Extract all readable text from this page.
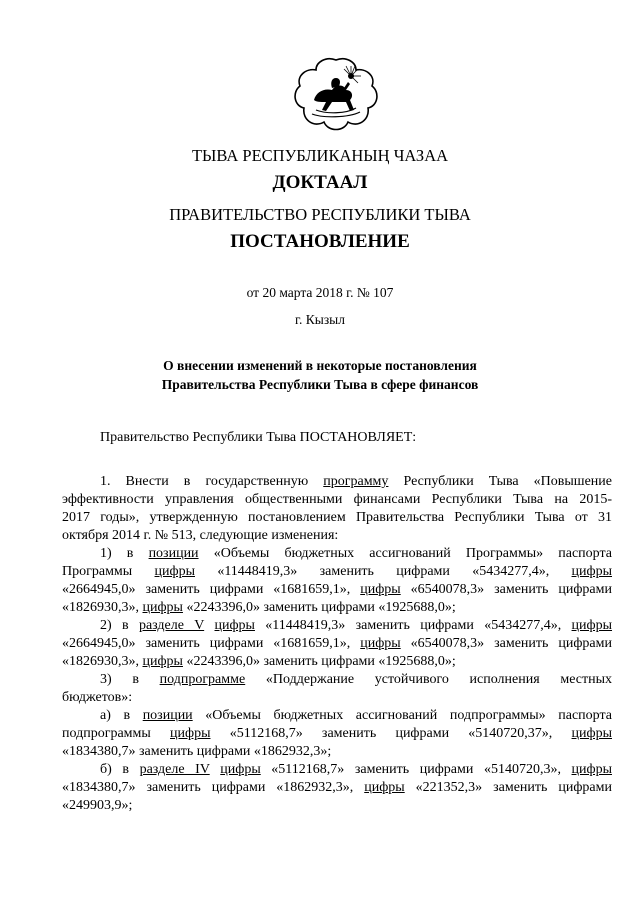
ТЫВА РЕСПУБЛИКАНЫҢ ЧАЗАА
ДОКТААЛ
ПРАВИТЕЛЬСТВО РЕСПУБЛИКИ ТЫВА
ПОСТАНОВЛЕНИЕ
от 20 марта 2018 г. № 107
г. Кызыл
О внесении изменений в некоторые постановления
Правительства Республики Тыва в сфере финансов
Правительство Республики Тыва ПОСТАНОВЛЯЕТ:
1. Внести в государственную программу Республики Тыва «Повышение
эффективности управления общественными финансами Республики Тыва на 2015-
2017 годы», утвержденную постановлением Правительства Республики Тыва от 31
октября 2014 г. № 513, следующие изменения:
1) в позиции «Объемы бюджетных ассигнований Программы» паспорта
Программы цифры «11448419,3» заменить цифрами «5434277,4», цифры
«2664945,0» заменить цифрами «1681659,1», цифры «6540078,3» заменить цифрами
«1826930,3», цифры «2243396,0» заменить цифрами «1925688,0»;
2) в разделе V цифры «11448419,3» заменить цифрами «5434277,4», цифры
«2664945,0» заменить цифрами «1681659,1», цифры «6540078,3» заменить цифрами
«1826930,3», цифры «2243396,0» заменить цифрами «1925688,0»;
3) в подпрограмме «Поддержание устойчивого исполнения местных
бюджетов»:
а) в позиции «Объемы бюджетных ассигнований подпрограммы» паспорта
подпрограммы цифры «5112168,7» заменить цифрами «5140720,37», цифры
«1834380,7» заменить цифрами «1862932,3»;
б) в разделе IV цифры «5112168,7» заменить цифрами «5140720,3», цифры
«1834380,7» заменить цифрами «1862932,3», цифры «221352,3» заменить цифрами
«249903,9»;
